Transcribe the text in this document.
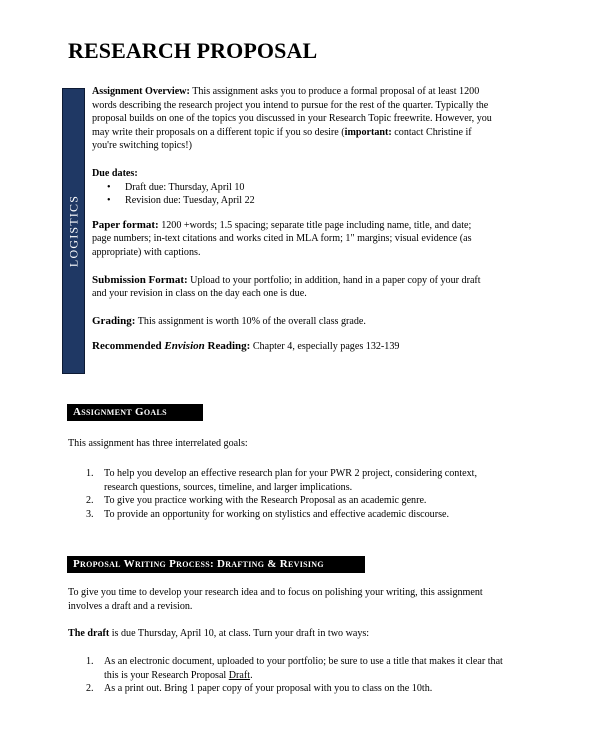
RESEARCH PROPOSAL
LOGISTICS

Assignment Overview: This assignment asks you to produce a formal proposal of at least 1200 words describing the research project you intend to pursue for the rest of the quarter. Typically the proposal builds on one of the topics you discussed in your Research Topic freewrite. However, you may write their proposals on a different topic if you so desire (important: contact Christine if you're switching topics!)

Due dates:

• Draft due: Thursday, April 10
• Revision due: Tuesday, April 22

Paper format: 1200 +words; 1.5 spacing; separate title page including name, title, and date; page numbers; in-text citations and works cited in MLA form; 1" margins; visual evidence (as appropriate) with captions.

Submission Format: Upload to your portfolio; in addition, hand in a paper copy of your draft and your revision in class on the day each one is due.

Grading: This assignment is worth 10% of the overall class grade.

Recommended Envision Reading: Chapter 4, especially pages 132-139

Assignment Goals
This assignment has three interrelated goals:
1. To help you develop an effective research plan for your PWR 2 project, considering context, research questions, sources, timeline, and larger implications.
2. To give you practice working with the Research Proposal as an academic genre.
3. To provide an opportunity for working on stylistics and effective academic discourse.
Proposal Writing Process: Drafting & Revising
To give you time to develop your research idea and to focus on polishing your writing, this assignment involves a draft and a revision.
The draft is due Thursday, April 10, at class. Turn your draft in two ways:
1. As an electronic document, uploaded to your portfolio; be sure to use a title that makes it clear that this is your Research Proposal Draft.
2. As a print out. Bring 1 paper copy of your proposal with you to class on the 10th.
